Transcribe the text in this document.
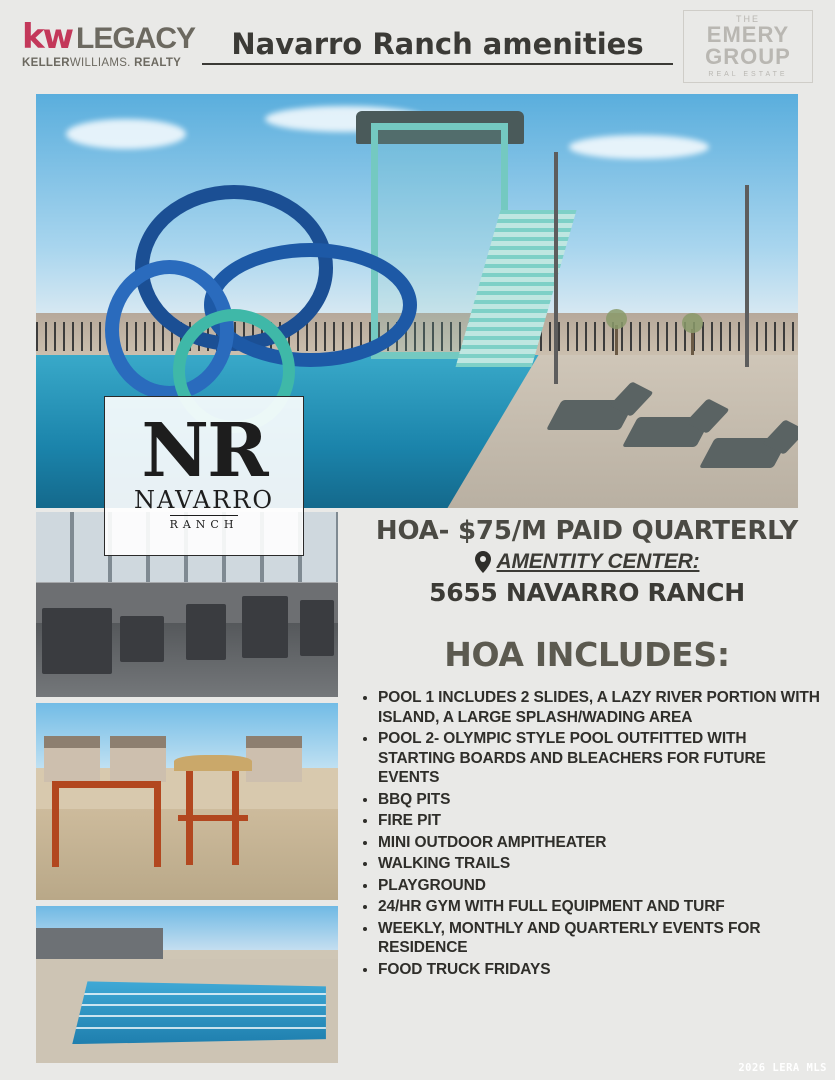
kw LEGACY
KELLERWILLIAMS. REALTY
Navarro Ranch amenities
THE
EMERY
GROUP
REAL ESTATE
NR
NAVARRO
RANCH	HOA- $75/M PAID QUARTERLY
AMENTITY CENTER:
5655 NAVARRO RANCH
HOA INCLUDES:
• POOL 1 INCLUDES 2 SLIDES, A LAZY RIVER PORTION WITH ISLAND, A LARGE SPLASH/WADING AREA
• POOL 2- OLYMPIC STYLE POOL OUTFITTED WITH STARTING BOARDS AND BLEACHERS FOR FUTURE EVENTS
• BBQ PITS
• FIRE PIT
• MINI OUTDOOR AMPITHEATER
• WALKING TRAILS
• PLAYGROUND
• 24/HR GYM WITH FULL EQUIPMENT AND TURF
• WEEKLY, MONTHLY AND QUARTERLY EVENTS FOR RESIDENCE
• FOOD TRUCK FRIDAYS
2026 LERA MLS
